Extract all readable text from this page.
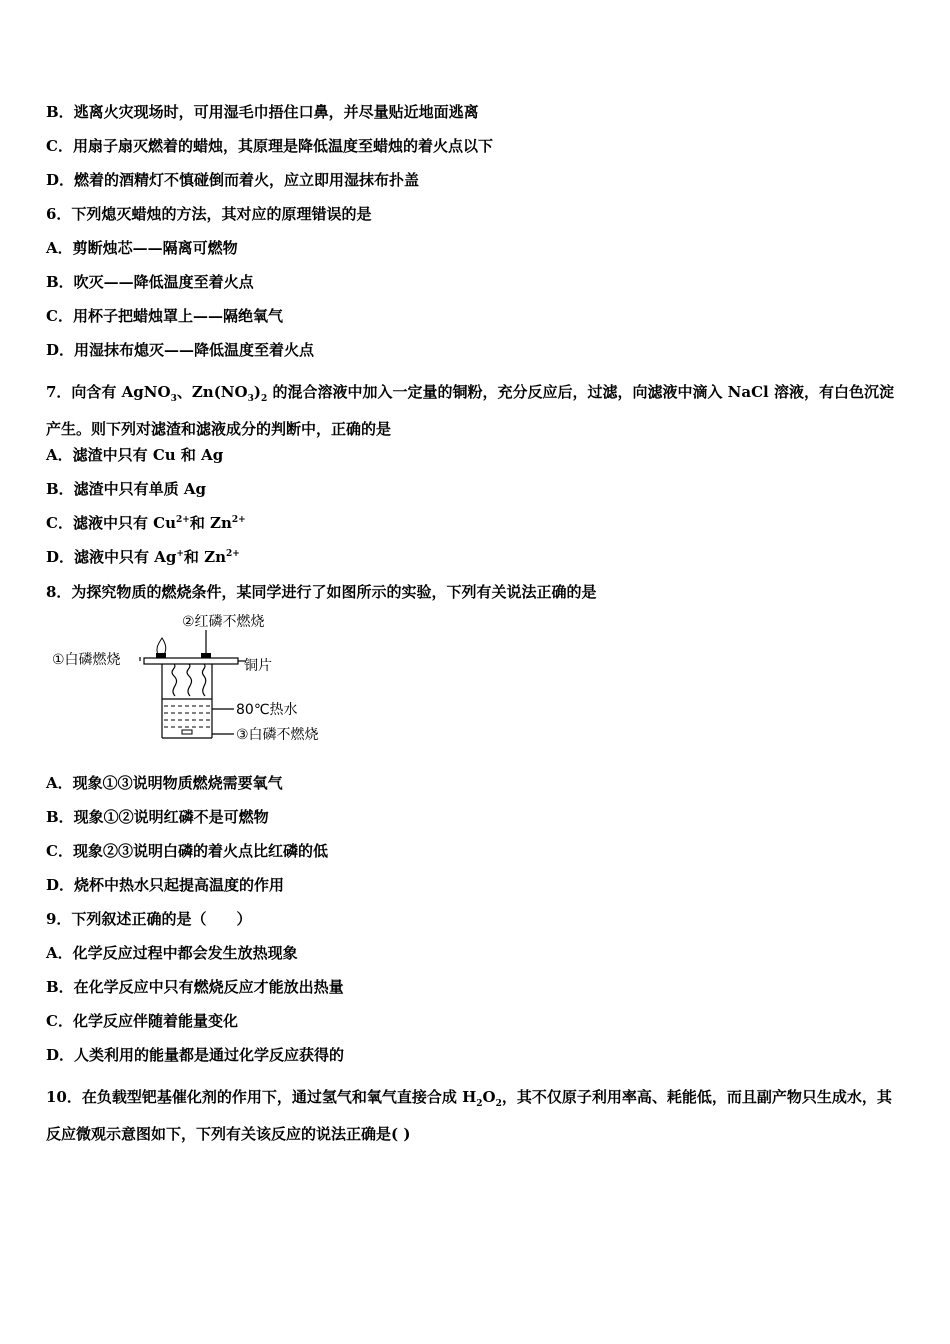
B．逃离火灾现场时，可用湿毛巾捂住口鼻，并尽量贴近地面逃离
C．用扇子扇灭燃着的蜡烛，其原理是降低温度至蜡烛的着火点以下
D．燃着的酒精灯不慎碰倒而着火，应立即用湿抹布扑盖
6．下列熄灭蜡烛的方法，其对应的原理错误的是
A．剪断烛芯——隔离可燃物
B．吹灭——降低温度至着火点
C．用杯子把蜡烛罩上——隔绝氧气
D．用湿抹布熄灭——降低温度至着火点
7．向含有 AgNO$_3$、$Zn(NO_3)_2$ 的混合溶液中加入一定量的铜粉，充分反应后，过滤，向滤液中滴入 NaCl 溶液，有白色沉淀产生。则下列对滤渣和滤液成分的判断中，正确的是
A．滤渣中只有 Cu 和 Ag
B．滤渣中只有单质 Ag
C．滤液中只有 $Cu^{2+}$和 $Zn^{2+}$
D．滤液中只有 Ag+和 $Zn^{2+}$
8．为探究物质的燃烧条件，某同学进行了如图所示的实验，下列有关说法正确的是
②红磷不燃烧
①白磷燃烧	铜片
80℃热水
③白磷不燃烧
A．现象①③说明物质燃烧需要氧气
B．现象①②说明红磷不是可燃物
C．现象②③说明白磷的着火点比红磷的低
D．烧杯中热水只起提高温度的作用
9．下列叙述正确的是（　　）
A．化学反应过程中都会发生放热现象
B．在化学反应中只有燃烧反应才能放出热量
C．化学反应伴随着能量变化
D．人类利用的能量都是通过化学反应获得的
10．在负载型钯基催化剂的作用下，通过氢气和氧气直接合成 $H_2O_2$，其不仅原子利用率高、耗能低，而且副产物只生成水，其反应微观示意图如下，下列有关该反应的说法正确是( )
